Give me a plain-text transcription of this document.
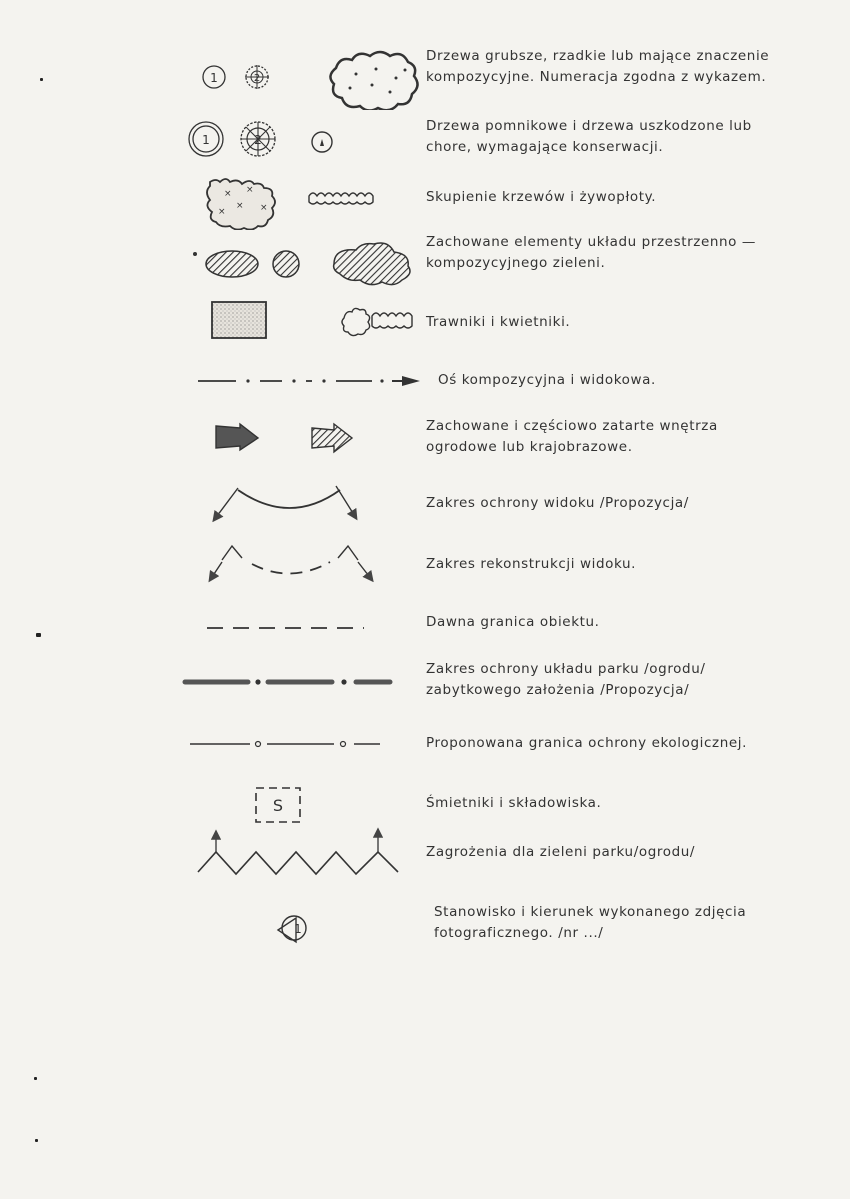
1	2
Drzewa grubsze, rzadkie lub mające znaczenie
kompozycyjne. Numeracja zgodna z wykazem.
1	2
Drzewa pomnikowe i drzewa uszkodzone lub
chore, wymagające konserwacji.
× ×
×
×	×
Skupienie krzewów i żywopłoty.
Zachowane elementy układu przestrzenno —
kompozycyjnego zieleni.
Trawniki i kwietniki.
Oś kompozycyjna i widokowa.
Zachowane i częściowo zatarte wnętrza
ogrodowe lub krajobrazowe.
Zakres ochrony widoku /Propozycja/
Zakres rekonstrukcji widoku.
Dawna granica obiektu.
Zakres ochrony układu parku /ogrodu/
zabytkowego założenia /Propozycja/
Proponowana granica ochrony ekologicznej.
S	Śmietniki i składowiska.
Zagrożenia dla zieleni parku/ogrodu/
1
Stanowisko i kierunek wykonanego zdjęcia
fotograficznego. /nr .../
